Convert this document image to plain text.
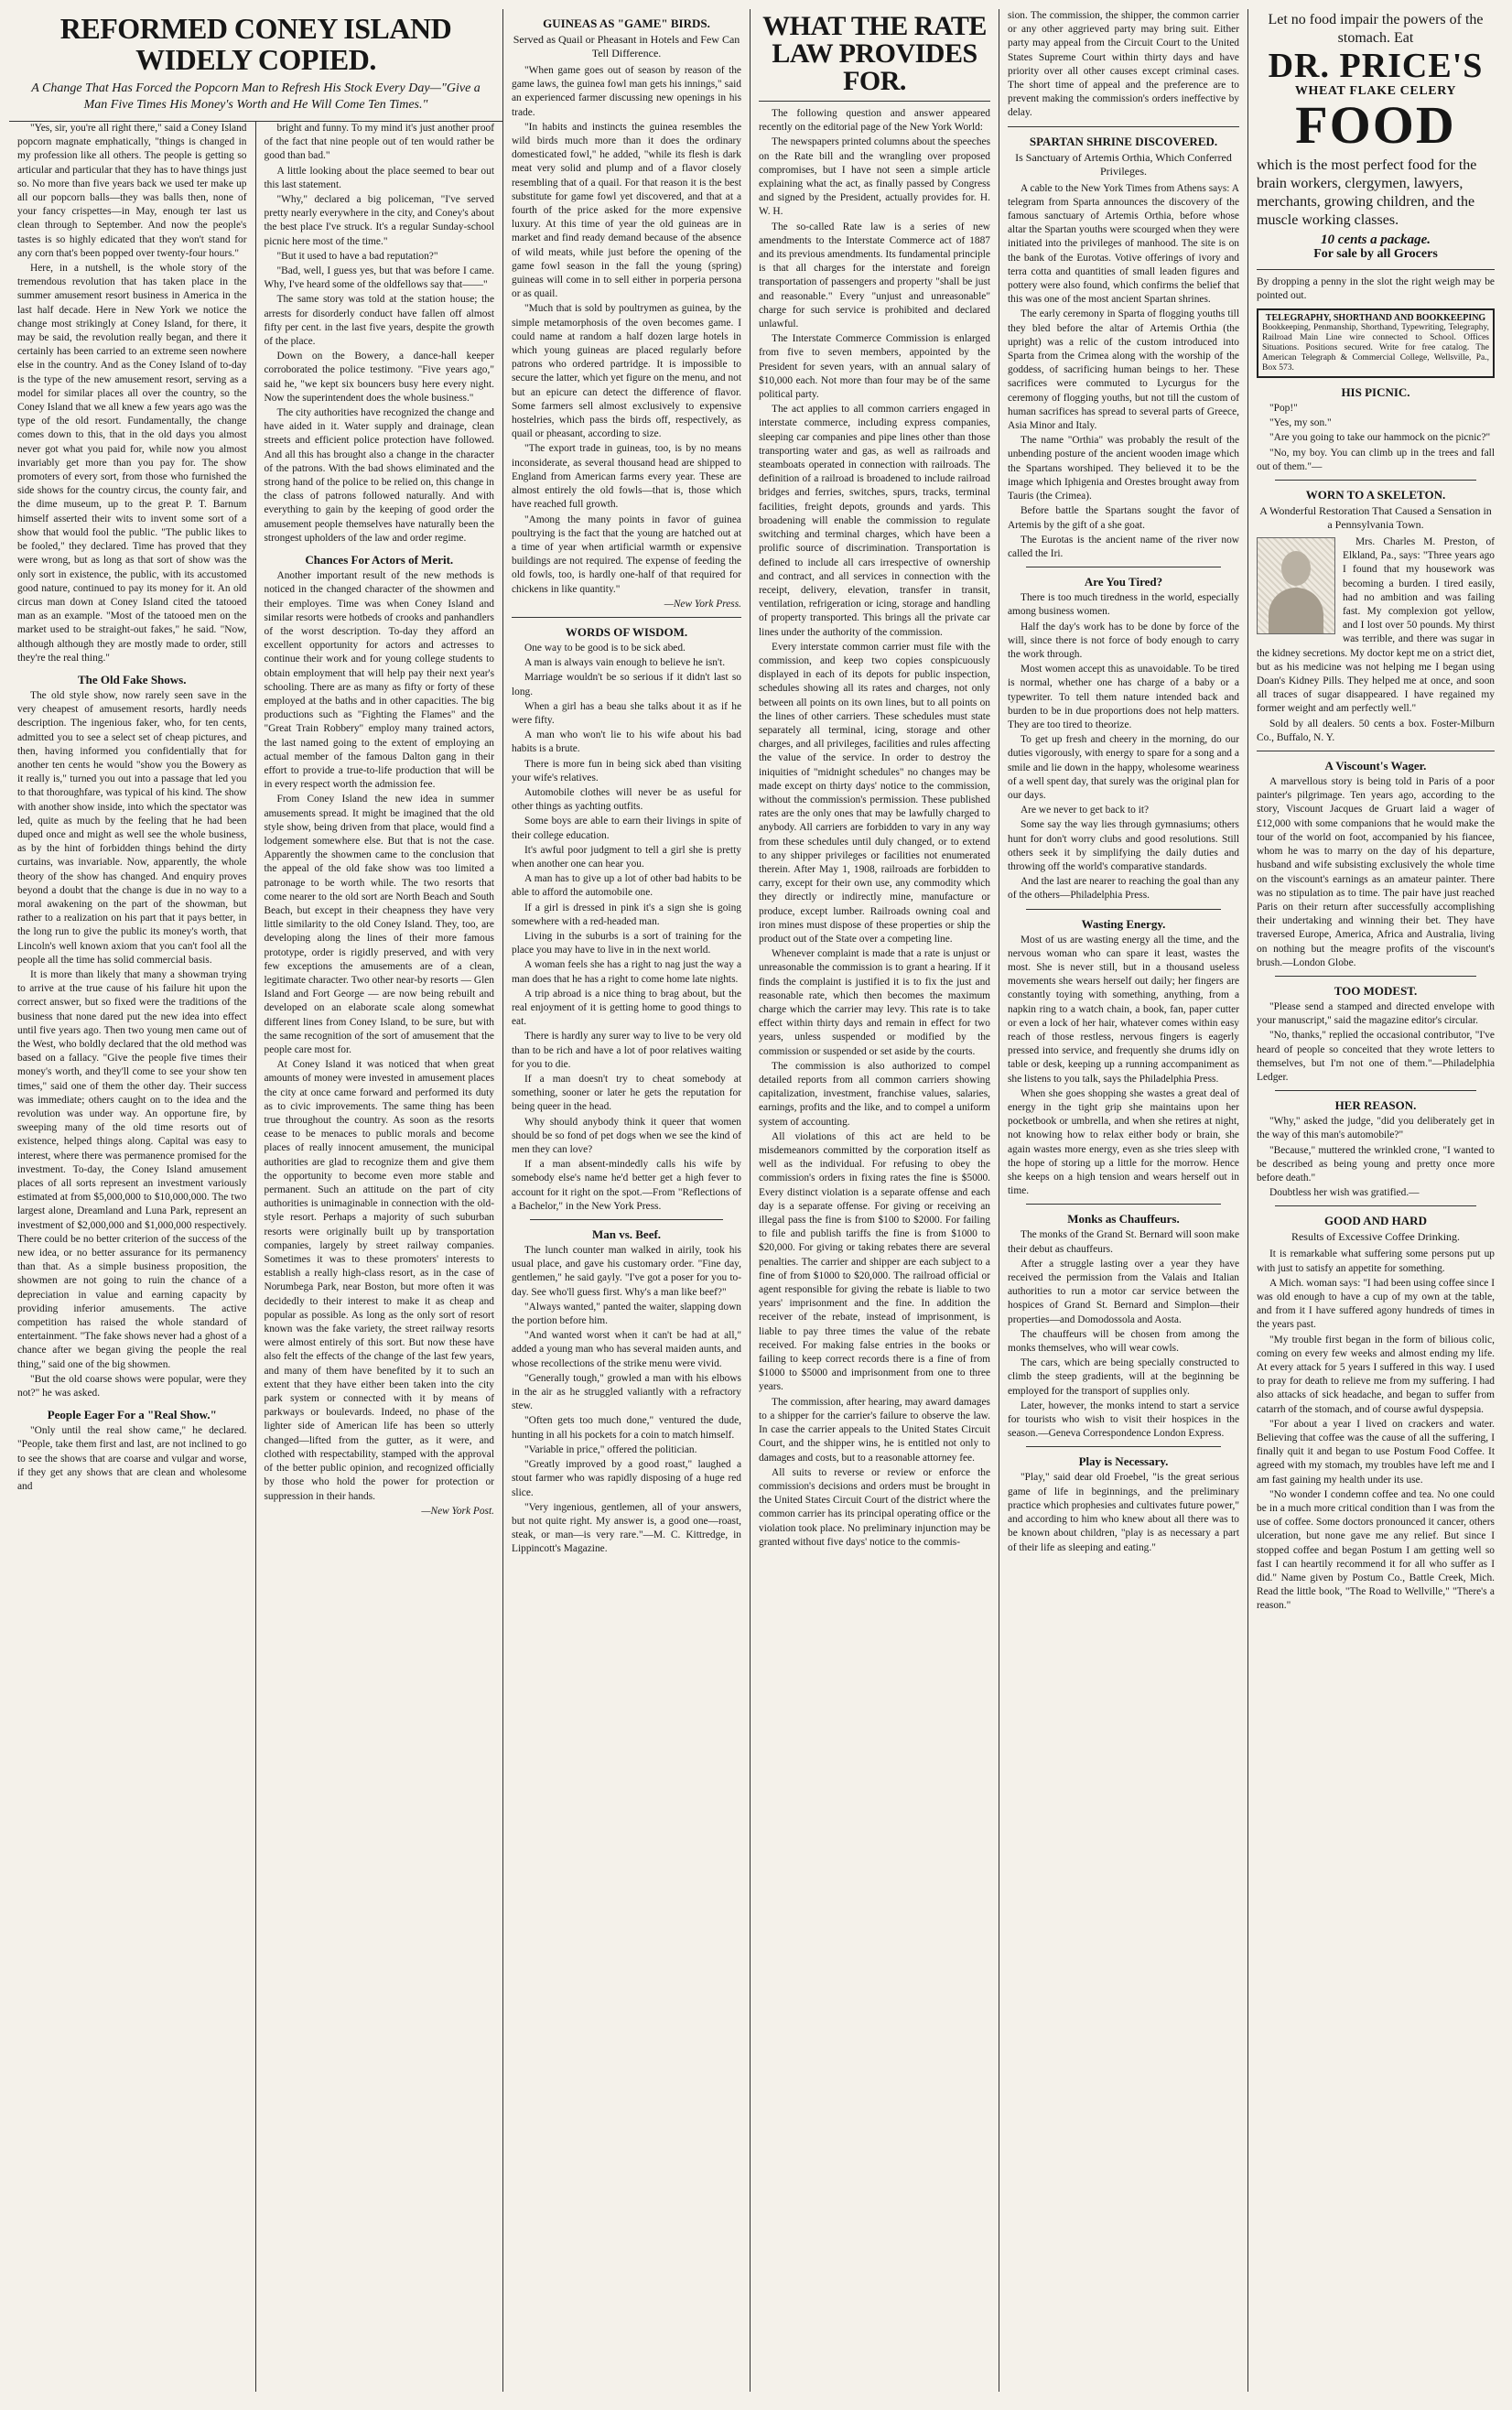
REFORMED CONEY ISLAND WIDELY COPIED.
A Change That Has Forced the Popcorn Man to Refresh His Stock Every Day—"Give a Man Five Times His Money's Worth and He Will Come Ten Times."

"Yes, sir, you're all right there," said a Coney Island popcorn magnate emphatically, "things is changed in my profession like all others. The people is getting so articular and particular that they has to have things just so. No more than five years back we used ter make up all our popcorn balls—they was balls then, none of your fancy crispettes—in May, enough ter last us clean through to September. And now the people's tastes is so highly edicated that they won't stand for any corn that's been popped over twenty-four hours."

Here, in a nutshell, is the whole story of the tremendous revolution that has taken place in the summer amusement resort business in America in the last half decade. Here in New York we notice the change most strikingly at Coney Island, for there, it may be said, the revolution really began, and there it certainly has been carried to an extreme seen nowhere else in the country. And as the Coney Island of to-day is the type of the new amusement resort, serving as a model for similar places all over the country, so the Coney Island that we all knew a few years ago was the type of the old resort. Fundamentally, the change comes down to this, that in the old days you almost never got what you paid for, while now you almost invariably get more than you pay for. The show promoters of every sort, from those who furnished the side shows for the country circus, the county fair, and the dime museum, up to the great P. T. Barnum himself asserted their wits to invent some sort of a show that would fool the public. "The public likes to be fooled," they declared. Time has proved that they were wrong, but as long as that sort of show was the only sort in existence, the public, with its accustomed good nature, continued to pay its money for it. An old circus man down at Coney Island cited the tatooed man as an example. "Most of the tatooed men on the market used to be straight-out fakes," he said. "Now, although although they are mostly made to order, still they're the real thing."

The Old Fake Shows.

The old style show, now rarely seen save in the very cheapest of amusement resorts, hardly needs description. The ingenious faker, who, for ten cents, admitted you to see a select set of cheap pictures, and then, having informed you confidentially that for another ten cents he would "show you the Bowery as it really is," turned you out into a passage that led you to that thoroughfare, was typical of his kind. The show with another show inside, into which the spectator was led, quite as much by the feeling that he had been duped once and might as well see the whole business, as by the hint of forbidden things behind the dirty curtains, was invariable. Now, apparently, the whole theory of the show has changed. And enquiry proves beyond a doubt that the change is due in no way to a moral awakening on the part of the showman, but rather to a realization on his part that it pays better, in the long run to give the public its money's worth, that Lincoln's well known axiom that you can't fool all the people all the time has solid commercial basis.

It is more than likely that many a showman trying to arrive at the true cause of his failure hit upon the correct answer, but so fixed were the traditions of the business that none dared put the new idea into effect until five years ago. Then two young men came out of the West, who boldly declared that the old method was based on a fallacy. "Give the people five times their money's worth, and they'll come to see your show ten times," said one of them the other day. Their success was immediate; others caught on to the idea and the revolution was under way. An opportune fire, by sweeping many of the old time resorts out of existence, helped things along. Capital was easy to interest, where there was permanence promised for the investment. To-day, the Coney Island amusement places of all sorts represent an investment variously estimated at from $5,000,000 to $10,000,000. The two largest alone, Dreamland and Luna Park, represent an investment of $2,000,000 and $1,000,000 respectively. There could be no better criterion of the success of the new idea, or no better assurance for its permanency than that. As a simple business proposition, the showmen are not going to ruin the chance of a depreciation in value and earning capacity by providing inferior amusements. The active competition has raised the whole standard of entertainment. "The fake shows never had a ghost of a chance after we began giving the people the real thing," said one of the big showmen.

"But the old coarse shows were popular, were they not?" he was asked.

People Eager For a "Real Show."

"Only until the real show came," he declared. "People, take them first and last, are not inclined to go to see the shows that are coarse and vulgar and worse, if they get any shows that are clean and wholesome and

bright and funny. To my mind it's just another proof of the fact that nine people out of ten would rather be good than bad."

A little looking about the place seemed to bear out this last statement.

"Why," declared a big policeman, "I've served pretty nearly everywhere in the city, and Coney's about the best place I've struck. It's a regular Sunday-school picnic here most of the time."

"But it used to have a bad reputation?"

"Bad, well, I guess yes, but that was before I came. Why, I've heard some of the oldfellows say that——"

The same story was told at the station house; the arrests for disorderly conduct have fallen off almost fifty per cent. in the last five years, despite the growth of the place.

Down on the Bowery, a dance-hall keeper corroborated the police testimony. "Five years ago," said he, "we kept six bouncers busy here every night. Now the superintendent does the whole business."

The city authorities have recognized the change and have aided in it. Water supply and drainage, clean streets and efficient police protection have followed. And all this has brought also a change in the character of the patrons. With the bad shows eliminated and the strong hand of the police to be relied on, this change in the class of patrons followed naturally. And with everything to gain by the keeping of good order the amusement people themselves have naturally been the strongest upholders of the law and order regime.

Chances For Actors of Merit.

Another important result of the new methods is noticed in the changed character of the showmen and their employes. Time was when Coney Island and similar resorts were hotbeds of crooks and panhandlers of the worst description. To-day they afford an excellent opportunity for actors and actresses to continue their work and for young college students to obtain employment that will help pay their next year's schooling. There are as many as fifty or forty of these employed at the baths and in other capacities. The big productions such as "Fighting the Flames" and the "Great Train Robbery" employ many trained actors, the last named going to the extent of employing an actual member of the famous Dalton gang in their effort to provide a true-to-life production that will be in every respect worth the admission fee.

From Coney Island the new idea in summer amusements spread. It might be imagined that the old style show, being driven from that place, would find a lodgement somewhere else. But that is not the case. Apparently the showmen came to the conclusion that the appeal of the old fake show was too limited a patronage to be worth while. The two resorts that come nearer to the old sort are North Beach and South Beach, but except in their cheapness they have very little similarity to the old Coney Island. They, too, are developing along the lines of their more famous prototype, order is rigidly preserved, and with very few exceptions the amusements are of a clean, legitimate character. Two other near-by resorts — Glen Island and Fort George — are now being rebuilt and developed on an elaborate scale along somewhat different lines from Coney Island, to be sure, but with the same recognition of the sort of amusement that the people care most for.

At Coney Island it was noticed that when great amounts of money were invested in amusement places the city at once came forward and performed its duty as to civic improvements. The same thing has been true throughout the country. As soon as the resorts cease to be menaces to public morals and become places of really innocent amusement, the municipal authorities are glad to recognize them and give them the opportunity to become even more stable and permanent. Such an attitude on the part of city authorities is unimaginable in connection with the old-style resort. Perhaps a majority of such suburban resorts were originally built up by transportation companies, largely by street railway companies. Sometimes it was to these promoters' interests to establish a really high-class resort, as in the case of Norumbega Park, near Boston, but more often it was decidedly to their interest to make it as cheap and popular as possible. As long as the only sort of resort known was the fake variety, the street railway resorts were almost entirely of this sort. But now these have also felt the effects of the change of the last few years, and many of them have benefited by it to such an extent that they have either been taken into the city park system or connected with it by means of parkways or boulevards. Indeed, no phase of the lighter side of American life has been so utterly changed—lifted from the gutter, as it were, and clothed with respectability, stamped with the approval of the better public opinion, and recognized officially by those who hold the power for protection or suppression in their hands.

—New York Post.
GUINEAS AS "GAME" BIRDS.
Served as Quail or Pheasant in Hotels and Few Can Tell Difference.

"When game goes out of season by reason of the game laws, the guinea fowl man gets his innings," said an experienced farmer discussing new openings in his trade.

"In habits and instincts the guinea resembles the wild birds much more than it does the ordinary domesticated fowl," he added, "while its flesh is dark meat very solid and plump and of a flavor closely resembling that of a quail. For that reason it is the best substitute for game fowl yet discovered, and that at a fourth of the price asked for the more expensive luxury. At this time of year the old guineas are in market and find ready demand because of the absence of wild meats, while just before the opening of the game fowl season in the fall the young (spring) guineas will come in to sell either in porperia persona or as quail.

"Much that is sold by poultrymen as guinea, by the simple metamorphosis of the oven becomes game. I could name at random a half dozen large hotels in which young guineas are placed regularly before patrons who ordered partridge. It is impossible to secure the latter, which yet figure on the menu, and not but an epicure can detect the difference of flavor. Some farmers sell almost exclusively to expensive hostelries, which pass the birds off, respectively, as quail or pheasant, according to size.

"The export trade in guineas, too, is by no means inconsiderate, as several thousand head are shipped to England from American farms every year. These are almost entirely the old fowls—that is, those which have reached full growth.

"Among the many points in favor of guinea poultrying is the fact that the young are hatched out at a time of year when artificial warmth or expensive buildings are not required. The expense of feeding the old fowls, too, is hardly one-half of that required for chickens in like quantity."

—New York Press.
WORDS OF WISDOM.

One way to be good is to be sick abed.

A man is always vain enough to believe he isn't.

Marriage wouldn't be so serious if it didn't last so long.

When a girl has a beau she talks about it as if he were fifty.

A man who won't lie to his wife about his bad habits is a brute.

There is more fun in being sick abed than visiting your wife's relatives.

Automobile clothes will never be as useful for other things as yachting outfits.

Some boys are able to earn their livings in spite of their college education.

It's awful poor judgment to tell a girl she is pretty when another one can hear you.

A man has to give up a lot of other bad habits to be able to afford the automobile one.

If a girl is dressed in pink it's a sign she is going somewhere with a red-headed man.

Living in the suburbs is a sort of training for the place you may have to live in in the next world.

A woman feels she has a right to nag just the way a man does that he has a right to come home late nights.

A trip abroad is a nice thing to brag about, but the real enjoyment of it is getting home to good things to eat.

There is hardly any surer way to live to be very old than to be rich and have a lot of poor relatives waiting for you to die.

If a man doesn't try to cheat somebody at something, sooner or later he gets the reputation for being queer in the head.

Why should anybody think it queer that women should be so fond of pet dogs when we see the kind of men they can love?

If a man absent-mindedly calls his wife by somebody else's name he'd better get a high fever to account for it right on the spot.—From "Reflections of a Bachelor," in the New York Press.

Man vs. Beef.

The lunch counter man walked in airily, took his usual place, and gave his customary order. "Fine day, gentlemen," he said gayly. "I've got a poser for you to-day. See who'll guess first. Why's a man like beef?"

"Always wanted," panted the waiter, slapping down the portion before him.

"And wanted worst when it can't be had at all," added a young man who has several maiden aunts, and whose recollections of the strike menu were vivid.

"Generally tough," growled a man with his elbows in the air as he struggled valiantly with a refractory stew.

"Often gets too much done," ventured the dude, hunting in all his pockets for a coin to match himself.

"Variable in price," offered the politician.

"Greatly improved by a good roast," laughed a stout farmer who was rapidly disposing of a huge red slice.

"Very ingenious, gentlemen, all of your answers, but not quite right. My answer is, a good one—roast, steak, or man—is very rare."—M. C. Kittredge, in Lippincott's Magazine.

WHAT THE RATE LAW PROVIDES FOR.

The following question and answer appeared recently on the editorial page of the New York World:

The newspapers printed columns about the speeches on the Rate bill and the wrangling over proposed compromises, but I have not seen a simple article explaining what the act, as finally passed by Congress and signed by the President, actually provides for. H. W. H.

The so-called Rate law is a series of new amendments to the Interstate Commerce act of 1887 and its previous amendments. Its fundamental principle is that all charges for the interstate and foreign transportation of passengers and property "shall be just and reasonable." Every "unjust and unreasonable" charge for such service is prohibited and declared unlawful.

The Interstate Commerce Commission is enlarged from five to seven members, appointed by the President for seven years, with an annual salary of $10,000 each. Not more than four may be of the same political party.

The act applies to all common carriers engaged in interstate commerce, including express companies, sleeping car companies and pipe lines other than those transporting water and gas, as well as railroads and steamboats operated in connection with railroads. The definition of a railroad is broadened to include railroad bridges and ferries, switches, spurs, tracks, terminal facilities, freight depots, grounds and yards. This broadening will enable the commission to regulate switching and terminal charges, which have been a prolific source of discrimination. Transportation is defined to include all cars irrespective of ownership and contract, and all services in connection with the receipt, delivery, elevation, transfer in transit, ventilation, refrigeration or icing, storage and handling of property transported. This brings all the private car lines under the authority of the commission.

Every interstate common carrier must file with the commission, and keep two copies conspicuously displayed in each of its depots for public inspection, schedules showing all its rates and charges, not only between all points on its own lines, but to all points on the lines of other carriers. These schedules must state separately all terminal, icing, storage and other charges, and all privileges, facilities and rules affecting the value of the service. In order to destroy the iniquities of "midnight schedules" no changes may be made except on thirty days' notice to the commission, without the commission's permission. These published rates are the only ones that may be lawfully charged to anybody. All carriers are forbidden to vary in any way from these schedules until duly changed, or to extend to any shipper privileges or facilities not enumerated therein. After May 1, 1908, railroads are forbidden to carry, except for their own use, any commodity which they directly or indirectly mine, manufacture or produce, except lumber. Railroads owning coal and iron mines must dispose of these properties or ship the product out of the State over a competing line.

Whenever complaint is made that a rate is unjust or unreasonable the commission is to grant a hearing. If it finds the complaint is justified it is to fix the just and reasonable rate, which then becomes the maximum charge which the carrier may levy. This rate is to take effect within thirty days and remain in effect for two years, unless suspended or modified by the commission or suspended or set aside by the courts.

The commission is also authorized to compel detailed reports from all common carriers showing capitalization, investment, franchise values, salaries, earnings, profits and the like, and to compel a uniform system of accounting.

All violations of this act are held to be misdemeanors committed by the corporation itself as well as the individual. For refusing to obey the commission's orders in fixing rates the fine is $5000. Every distinct violation is a separate offense and each day is a separate offense. For giving or receiving an illegal pass the fine is from $100 to $2000. For failing to file and publish tariffs the fine is from $1000 to $20,000. For giving or taking rebates there are several penalties. The carrier and shipper are each subject to a fine of from $1000 to $20,000. The railroad official or agent responsible for giving the rebate is liable to two years' imprisonment and the fine. In addition the receiver of the rebate, instead of imprisonment, is liable to pay three times the value of the rebate received. For making false entries in the books or failing to keep correct records there is a fine of from $1000 to $5000 and imprisonment from one to three years.

The commission, after hearing, may award damages to a shipper for the carrier's failure to observe the law. In case the carrier appeals to the United States Circuit Court, and the shipper wins, he is entitled not only to damages and costs, but to a reasonable attorney fee.

All suits to reverse or review or enforce the commission's decisions and orders must be brought in the United States Circuit Court of the district where the common carrier has its principal operating office or the violation took place. No preliminary injunction may be granted without five days' notice to the commis-

sion. The commission, the shipper, the common carrier or any other aggrieved party may bring suit. Either party may appeal from the Circuit Court to the United States Supreme Court within thirty days and have priority over all other causes except criminal cases. The short time of appeal and the preference are to prevent making the commission's orders ineffective by delay.

SPARTAN SHRINE DISCOVERED.
Is Sanctuary of Artemis Orthia, Which Conferred Privileges.

A cable to the New York Times from Athens says: A telegram from Sparta announces the discovery of the famous sanctuary of Artemis Orthia, before whose altar the Spartan youths were scourged when they were initiated into the privileges of manhood. The site is on the bank of the Eurotas. Votive offerings of ivory and terra cotta and quantities of small leaden figures and pottery were also found, which confirms the belief that this was one of the most ancient Spartan shrines.

The early ceremony in Sparta of flogging youths till they bled before the altar of Artemis Orthia (the upright) was a relic of the custom introduced into Sparta from the Crimea along with the worship of the goddess, of sacrificing human beings to her. These sacrifices were commuted to Lycurgus for the ceremony of flogging youths, but not till the custom of human sacrifices has spread to several parts of Greece, Asia Minor and Italy.

The name "Orthia" was probably the result of the unbending posture of the ancient wooden image which the Spartans worshiped. They believed it to be the image which Iphigenia and Orestes brought away from Tauris (the Crimea).

Before battle the Spartans sought the favor of Artemis by the gift of a she goat.

The Eurotas is the ancient name of the river now called the Iri.

Are You Tired?

There is too much tiredness in the world, especially among business women.

Half the day's work has to be done by force of the will, since there is not force of body enough to carry the work through.

Most women accept this as unavoidable. To be tired is normal, whether one has charge of a baby or a typewriter. To tell them nature intended back and burden to be in due proportions does not help matters. They are too tired to theorize.

To get up fresh and cheery in the morning, do our duties vigorously, with energy to spare for a song and a smile and lie down in the happy, wholesome weariness of a well spent day, that surely was the original plan for our days.

Are we never to get back to it?

Some say the way lies through gymnasiums; others hunt for don't worry clubs and good resolutions. Still others seek it by simplifying the daily duties and throwing off the world's comparative standards.

And the last are nearer to reaching the goal than any of the others—Philadelphia Press.

Wasting Energy.

Most of us are wasting energy all the time, and the nervous woman who can spare it least, wastes the most. She is never still, but in a thousand useless movements she wears herself out daily; her fingers are constantly toying with something, anything, from a napkin ring to a watch chain, a book, fan, paper cutter or even a lock of her hair, whatever comes within easy reach of those restless, nervous fingers is eagerly pressed into service, and frequently she drums idly on table or desk, keeping up a running accompaniment as she listens to you talk, says the Philadelphia Press.

When she goes shopping she wastes a great deal of energy in the tight grip she maintains upon her pocketbook or umbrella, and when she retires at night, not knowing how to relax either body or brain, she again wastes more energy, even as she tries sleep with the hope of storing up a little for the morrow. Hence she keeps on a high tension and wears herself out in time.

Monks as Chauffeurs.

The monks of the Grand St. Bernard will soon make their debut as chauffeurs.

After a struggle lasting over a year they have received the permission from the Valais and Italian authorities to run a motor car service between the hospices of Grand St. Bernard and Simplon—their properties—and Domodossola and Aosta.

The chauffeurs will be chosen from among the monks themselves, who will wear cowls.

The cars, which are being specially constructed to climb the steep gradients, will at the beginning be employed for the transport of supplies only.

Later, however, the monks intend to start a service for tourists who wish to visit their hospices in the season.—Geneva Correspondence London Express.

Play is Necessary.

"Play," said dear old Froebel, "is the great serious game of life in beginnings, and the preliminary practice which prophesies and cultivates future power," and according to him who knew about all there was to be known about children, "play is as necessary a part of their life as sleeping and eating."

Let no food impair the powers of the stomach. Eat
DR. PRICE'S
WHEAT FLAKE CELERY
FOOD
which is the most perfect food for the brain workers, clergymen, lawyers, merchants, growing children, and the muscle working classes.
10 cents a package.
For sale by all Grocers

By dropping a penny in the slot the right weigh may be pointed out.

TELEGRAPHY, SHORTHAND AND BOOKKEEPING
Bookkeeping, Penmanship, Shorthand, Typewriting, Telegraphy, Railroad Main Line wire connected to School. Offices Situations. Positions secured. Write for free catalog. The American Telegraph & Commercial College, Wellsville, Pa., Box 573.
HIS PICNIC.

"Pop!"

"Yes, my son."

"Are you going to take our hammock on the picnic?"

"No, my boy. You can climb up in the trees and fall out of them."—

WORN TO A SKELETON.
A Wonderful Restoration That Caused a Sensation in a Pennsylvania Town.

Mrs. Charles M. Preston, of Elkland, Pa., says: "Three years ago I found that my housework was becoming a burden. I tired easily, had no ambition and was failing fast. My complexion got yellow, and I lost over 50 pounds. My thirst was terrible, and there was sugar in the kidney secretions. My doctor kept me on a strict diet, but as his medicine was not helping me I began using Doan's Kidney Pills. They helped me at once, and soon all traces of sugar disappeared. I have regained my former weight and am perfectly well."

Sold by all dealers. 50 cents a box. Foster-Milburn Co., Buffalo, N. Y.

A Viscount's Wager.

A marvellous story is being told in Paris of a poor painter's pilgrimage. Ten years ago, according to the story, Viscount Jacques de Gruart laid a wager of £12,000 with some companions that he would make the tour of the world on foot, accompanied by his fiancee, whom he was to marry on the day of his departure, husband and wife subsisting exclusively the whole time on the viscount's earnings as an amateur painter. There was no stipulation as to time. The pair have just reached Paris on their return after successfully accomplishing their undertaking and winning their bet. They have traversed Europe, America, Africa and Australia, living on nothing but the meagre profits of the viscount's brush.—London Globe.

TOO MODEST.

"Please send a stamped and directed envelope with your manuscript," said the magazine editor's circular.

"No, thanks," replied the occasional contributor, "I've heard of people so conceited that they wrote letters to themselves, but I'm not one of them."—Philadelphia Ledger.

HER REASON.

"Why," asked the judge, "did you deliberately get in the way of this man's automobile?"

"Because," muttered the wrinkled crone, "I wanted to be described as being young and pretty once more before death."

Doubtless her wish was gratified.—

GOOD AND HARD
Results of Excessive Coffee Drinking.

It is remarkable what suffering some persons put up with just to satisfy an appetite for something.

A Mich. woman says: "I had been using coffee since I was old enough to have a cup of my own at the table, and from it I have suffered agony hundreds of times in the years past.

"My trouble first began in the form of bilious colic, coming on every few weeks and almost ending my life. At every attack for 5 years I suffered in this way. I used to pray for death to relieve me from my suffering. I had also attacks of sick headache, and began to suffer from catarrh of the stomach, and of course awful dyspepsia.

"For about a year I lived on crackers and water. Believing that coffee was the cause of all the suffering, I finally quit it and began to use Postum Food Coffee. It agreed with my stomach, my troubles have left me and I am fast gaining my health under its use.

"No wonder I condemn coffee and tea. No one could be in a much more critical condition than I was from the use of coffee. Some doctors pronounced it cancer, others ulceration, but none gave me any relief. But since I stopped coffee and began Postum I am getting well so fast I can heartily recommend it for all who suffer as I did." Name given by Postum Co., Battle Creek, Mich. Read the little book, "The Road to Wellville," "There's a reason."
